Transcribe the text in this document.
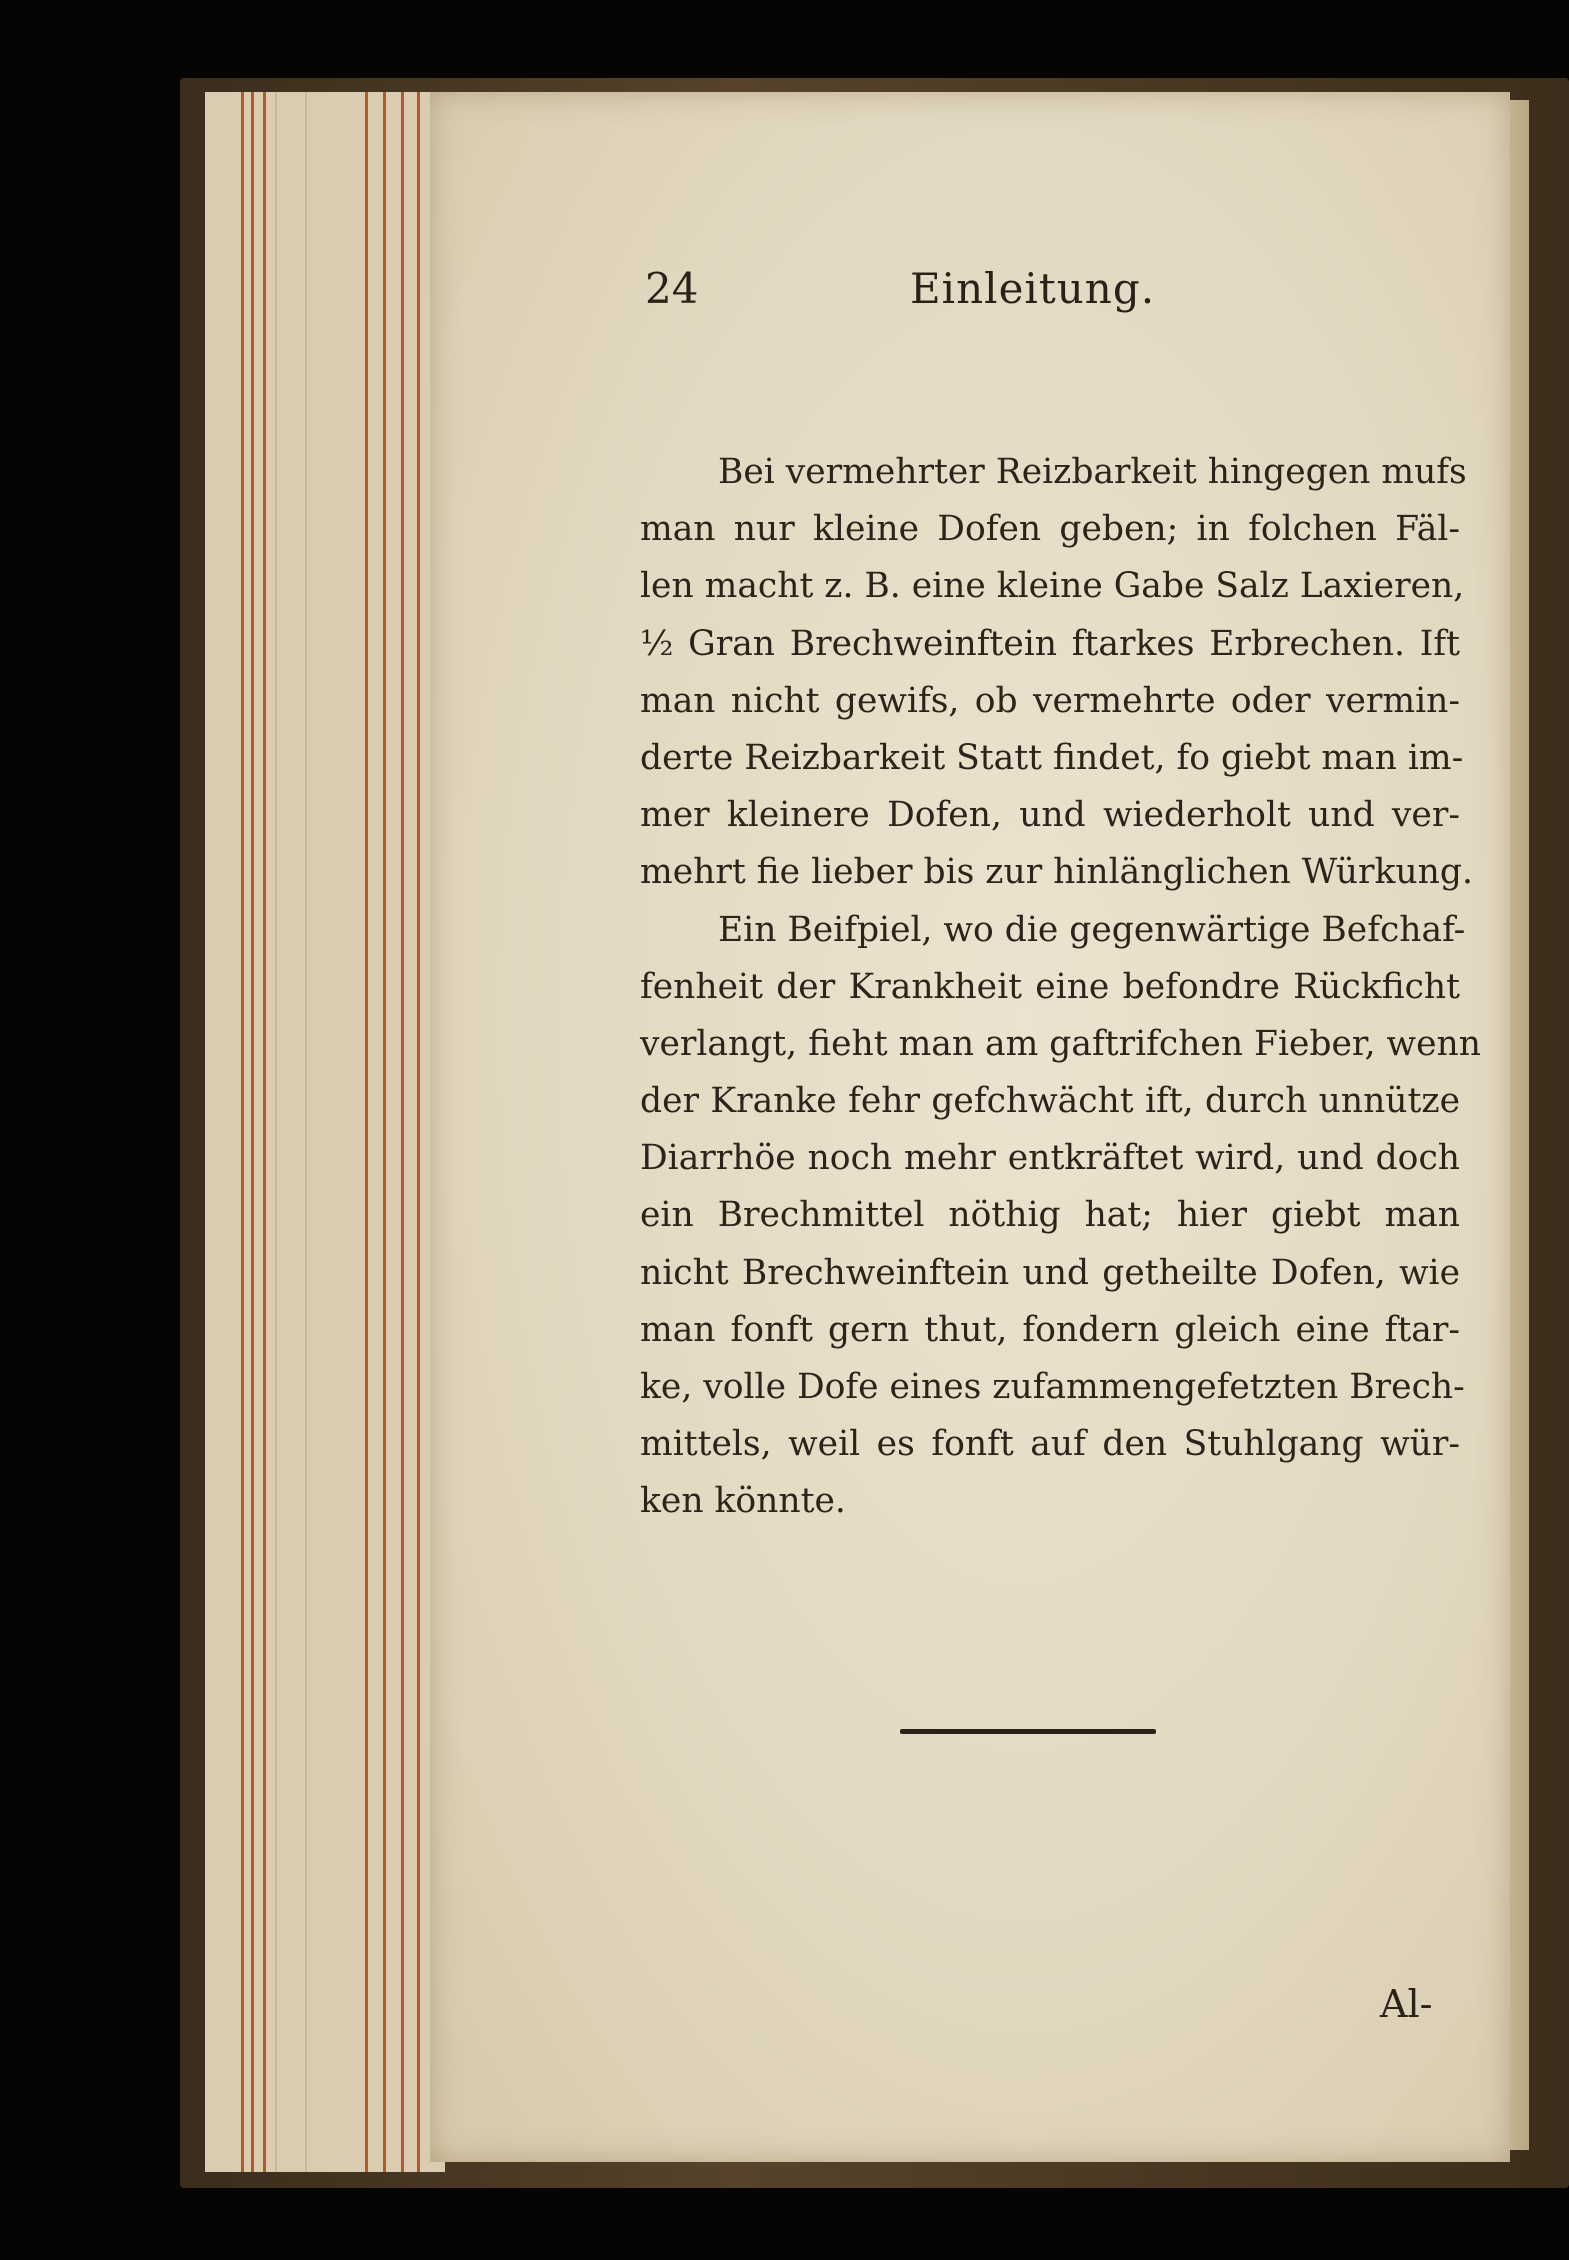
24	Einleitung.
Bei vermehrter Reizbarkeit hingegen mufs
man nur kleine Dofen geben; in folchen Fäl-
len macht z. B. eine kleine Gabe Salz Laxieren,
½ Gran Brechweinftein ftarkes Erbrechen. Ift
man nicht gewifs, ob vermehrte oder vermin-
derte Reizbarkeit Statt findet, fo giebt man im-
mer kleinere Dofen, und wiederholt und ver-
mehrt fie lieber bis zur hinlänglichen Würkung.
Ein Beifpiel, wo die gegenwärtige Befchaf-
fenheit der Krankheit eine befondre Rückficht
verlangt, fieht man am gaftrifchen Fieber, wenn
der Kranke fehr gefchwächt ift, durch unnütze
Diarrhöe noch mehr entkräftet wird, und doch
ein Brechmittel nöthig hat; hier giebt man
nicht Brechweinftein und getheilte Dofen, wie
man fonft gern thut, fondern gleich eine ftar-
ke, volle Dofe eines zufammengefetzten Brech-
mittels, weil es fonft auf den Stuhlgang wür-
ken könnte.
Al-
